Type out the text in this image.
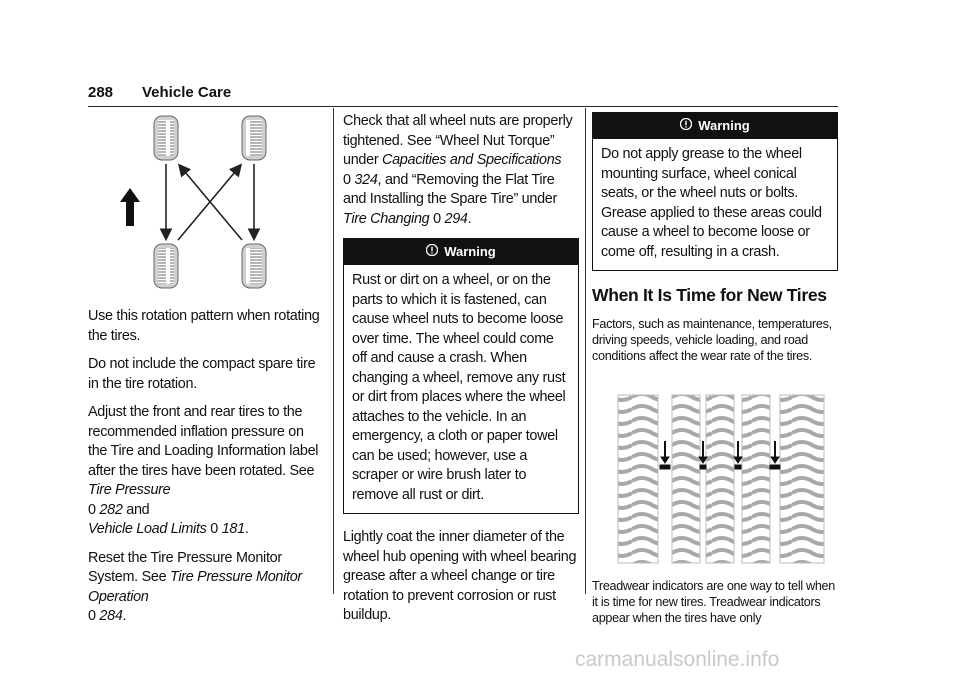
288 Vehicle Care

Use this rotation pattern when rotating the tires.

Do not include the compact spare tire in the tire rotation.

Adjust the front and rear tires to the recommended inflation pressure on the Tire and Loading Information label after the tires have been rotated. See Tire Pressure
0 282 and
Vehicle Load Limits 0 181.

Reset the Tire Pressure Monitor System. See Tire Pressure Monitor Operation
0 284.

Check that all wheel nuts are properly tightened. See “Wheel Nut Torque” under Capacities and Specifications
0 324, and “Removing the Flat Tire and Installing the Spare Tire” under Tire Changing 0 294.

Warning

Rust or dirt on a wheel, or on the parts to which it is fastened, can cause wheel nuts to become loose over time. The wheel could come off and cause a crash. When changing a wheel, remove any rust or dirt from places where the wheel attaches to the vehicle. In an emergency, a cloth or paper towel can be used; however, use a scraper or wire brush later to remove all rust or dirt.

Lightly coat the inner diameter of the wheel hub opening with wheel bearing grease after a wheel change or tire rotation to prevent corrosion or rust buildup.

Warning

Do not apply grease to the wheel mounting surface, wheel conical seats, or the wheel nuts or bolts. Grease applied to these areas could cause a wheel to become loose or come off, resulting in a crash.

When It Is Time for New Tires

Factors, such as maintenance, temperatures, driving speeds, vehicle loading, and road conditions affect the wear rate of the tires.

Treadwear indicators are one way to tell when it is time for new tires. Treadwear indicators appear when the tires have only

carmanualsonline.info
